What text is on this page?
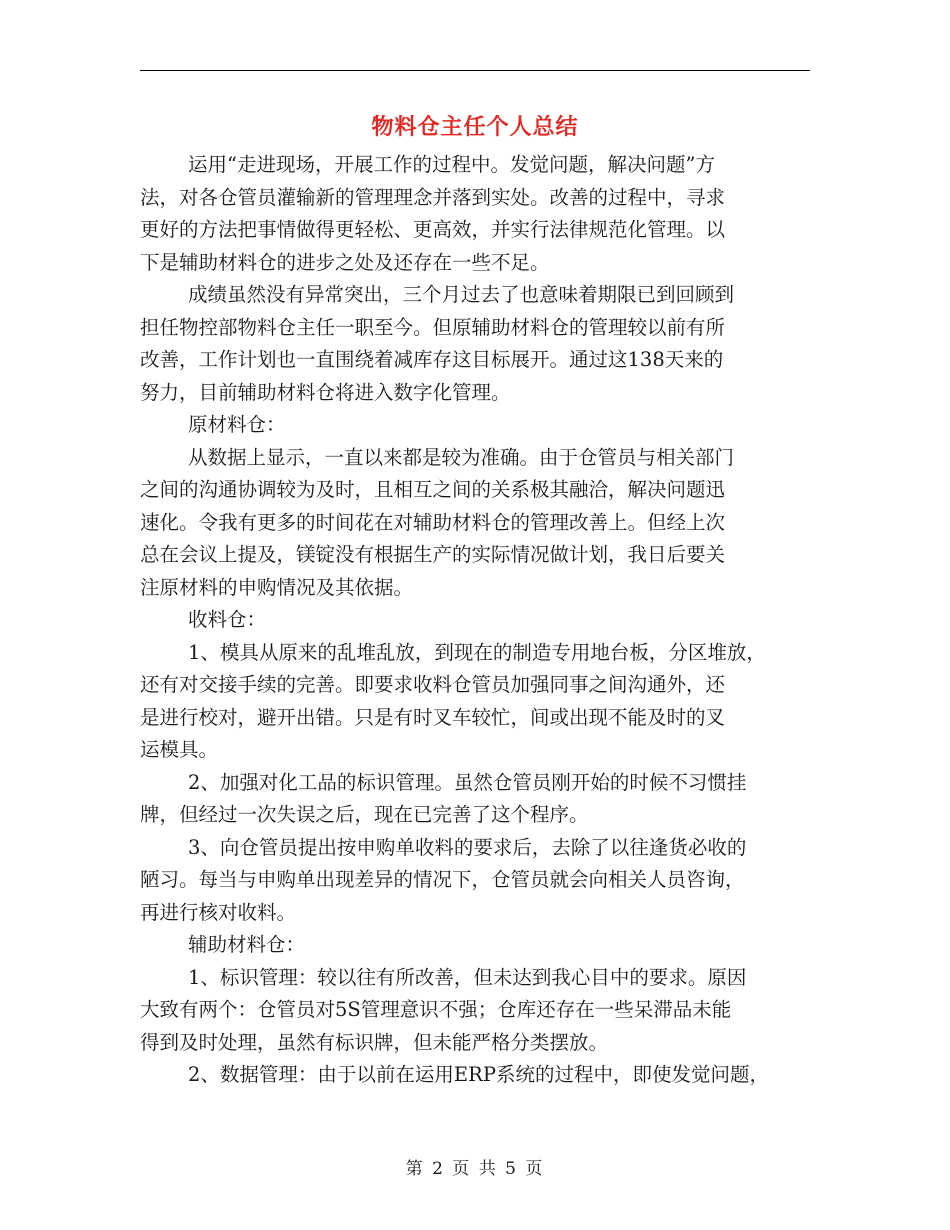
物料仓主任个人总结
运用“走进现场，开展工作的过程中。发觉问题，解决问题”方
法，对各仓管员灌输新的管理理念并落到实处。改善的过程中，寻求
更好的方法把事情做得更轻松、更高效，并实行法律规范化管理。以
下是辅助材料仓的进步之处及还存在一些不足。
成绩虽然没有异常突出，三个月过去了也意味着期限已到回顾到
担任物控部物料仓主任一职至今。但原辅助材料仓的管理较以前有所
改善，工作计划也一直围绕着减库存这目标展开。通过这138天来的
努力，目前辅助材料仓将进入数字化管理。
原材料仓：
从数据上显示，一直以来都是较为准确。由于仓管员与相关部门
之间的沟通协调较为及时，且相互之间的关系极其融洽，解决问题迅
速化。令我有更多的时间花在对辅助材料仓的管理改善上。但经上次
总在会议上提及，镁锭没有根据生产的实际情况做计划，我日后要关
注原材料的申购情况及其依据。
收料仓：
1、模具从原来的乱堆乱放，到现在的制造专用地台板，分区堆放，
还有对交接手续的完善。即要求收料仓管员加强同事之间沟通外，还
是进行校对，避开出错。只是有时叉车较忙，间或出现不能及时的叉
运模具。
2、加强对化工品的标识管理。虽然仓管员刚开始的时候不习惯挂
牌，但经过一次失误之后，现在已完善了这个程序。
3、向仓管员提出按申购单收料的要求后，去除了以往逢货必收的
陋习。每当与申购单出现差异的情况下，仓管员就会向相关人员咨询，
再进行核对收料。
辅助材料仓：
1、标识管理：较以往有所改善，但未达到我心目中的要求。原因
大致有两个：仓管员对5S管理意识不强；仓库还存在一些呆滞品未能
得到及时处理，虽然有标识牌，但未能严格分类摆放。
2、数据管理：由于以前在运用ERP系统的过程中，即使发觉问题，
第 2 页 共 5 页
